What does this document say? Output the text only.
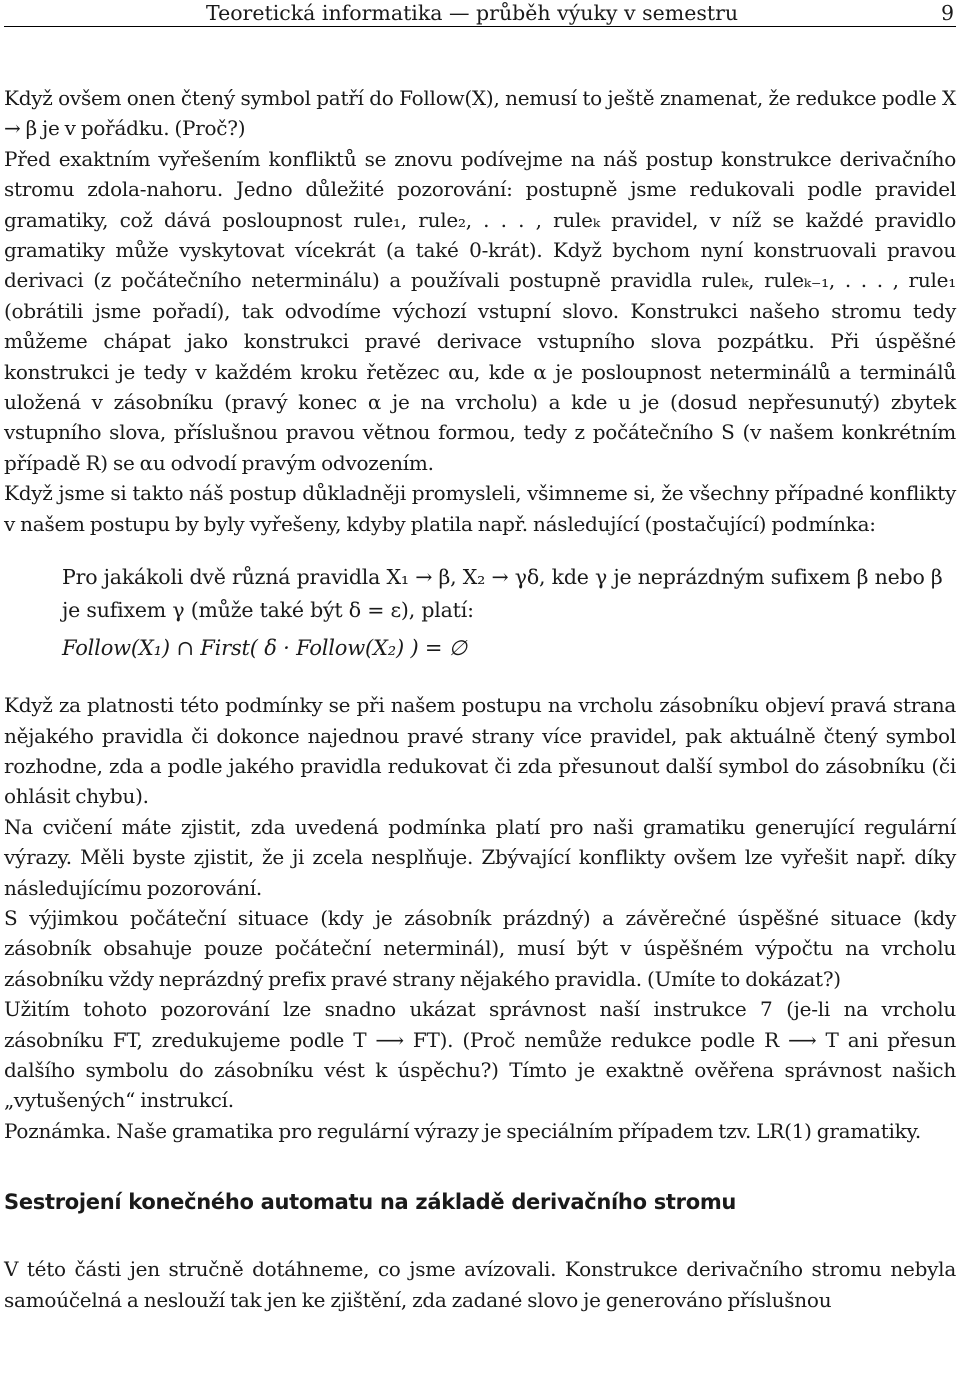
Teoretická informatika — průběh výuky v semestru	9

Když ovšem onen čtený symbol patří do Follow(X), nemusí to ještě znamenat, že redukce podle X → β je v pořádku. (Proč?)

Před exaktním vyřešením konfliktů se znovu podívejme na náš postup konstrukce derivačního stromu zdola-nahoru. Jedno důležité pozorování: postupně jsme redukovali podle pravidel gramatiky, což dává posloupnost rule₁, rule₂, . . . , ruleₖ pravidel, v níž se každé pravidlo gramatiky může vyskytovat vícekrát (a také 0-krát). Když bychom nyní konstruovali pravou derivaci (z počátečního neterminálu) a používali postupně pravidla ruleₖ, ruleₖ₋₁, . . . , rule₁ (obrátili jsme pořadí), tak odvodíme výchozí vstupní slovo. Konstrukci našeho stromu tedy můžeme chápat jako konstrukci pravé derivace vstupního slova pozpátku. Při úspěšné konstrukci je tedy v každém kroku řetězec αu, kde α je posloupnost neterminálů a terminálů uložená v zásobníku (pravý konec α je na vrcholu) a kde u je (dosud nepřesunutý) zbytek vstupního slova, příslušnou pravou větnou formou, tedy z počátečního S (v našem konkrétním případě R) se αu odvodí pravým odvozením.

Když jsme si takto náš postup důkladněji promysleli, všimneme si, že všechny případné konflikty v našem postupu by byly vyřešeny, kdyby platila např. následující (postačující) podmínka:

Pro jakákoli dvě různá pravidla X₁ → β, X₂ → γδ, kde γ je neprázdným sufixem β nebo β je sufixem γ (může také být δ = ε), platí:
Follow(X₁) ∩ First( δ · Follow(X₂) ) = ∅

Když za platnosti této podmínky se při našem postupu na vrcholu zásobníku objeví pravá strana nějakého pravidla či dokonce najednou pravé strany více pravidel, pak aktuálně čtený symbol rozhodne, zda a podle jakého pravidla redukovat či zda přesunout další symbol do zásobníku (či ohlásit chybu).

Na cvičení máte zjistit, zda uvedená podmínka platí pro naši gramatiku generující regulární výrazy. Měli byste zjistit, že ji zcela nesplňuje. Zbývající konflikty ovšem lze vyřešit např. díky následujícímu pozorování.

S výjimkou počáteční situace (kdy je zásobník prázdný) a závěrečné úspěšné situace (kdy zásobník obsahuje pouze počáteční neterminál), musí být v úspěšném výpočtu na vrcholu zásobníku vždy neprázdný prefix pravé strany nějakého pravidla. (Umíte to dokázat?)

Užitím tohoto pozorování lze snadno ukázat správnost naší instrukce 7 (je-li na vrcholu zásobníku FT, zredukujeme podle T ⟶ FT). (Proč nemůže redukce podle R ⟶ T ani přesun dalšího symbolu do zásobníku vést k úspěchu?) Tímto je exaktně ověřena správnost našich „vytušených“ instrukcí.

Poznámka. Naše gramatika pro regulární výrazy je speciálním případem tzv. LR(1) gramatiky.

Sestrojení konečného automatu na základě derivačního stromu

V této části jen stručně dotáhneme, co jsme avízovali. Konstrukce derivačního stromu nebyla samoúčelná a neslouží tak jen ke zjištění, zda zadané slovo je generováno příslušnou
